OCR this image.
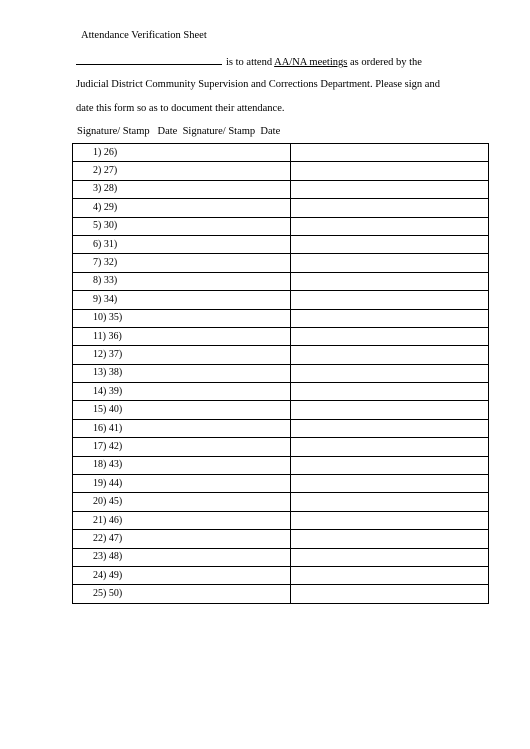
Attendance Verification Sheet
is to attend AA/NA meetings as ordered by the
Judicial District Community Supervision and Corrections Department. Please sign and
date this form so as to document their attendance.
Signature/ Stamp   Date  Signature/ Stamp  Date
1) 26)	
2) 27)	
3) 28)	
4) 29)	
5) 30)	
6) 31)	
7) 32)	
8) 33)	
9) 34)	
10) 35)	
11) 36)	
12) 37)	
13) 38)	
14) 39)	
15) 40)	
16) 41)	
17) 42)	
18) 43)	
19) 44)	
20) 45)	
21) 46)	
22) 47)	
23) 48)	
24) 49)	
25) 50)	
